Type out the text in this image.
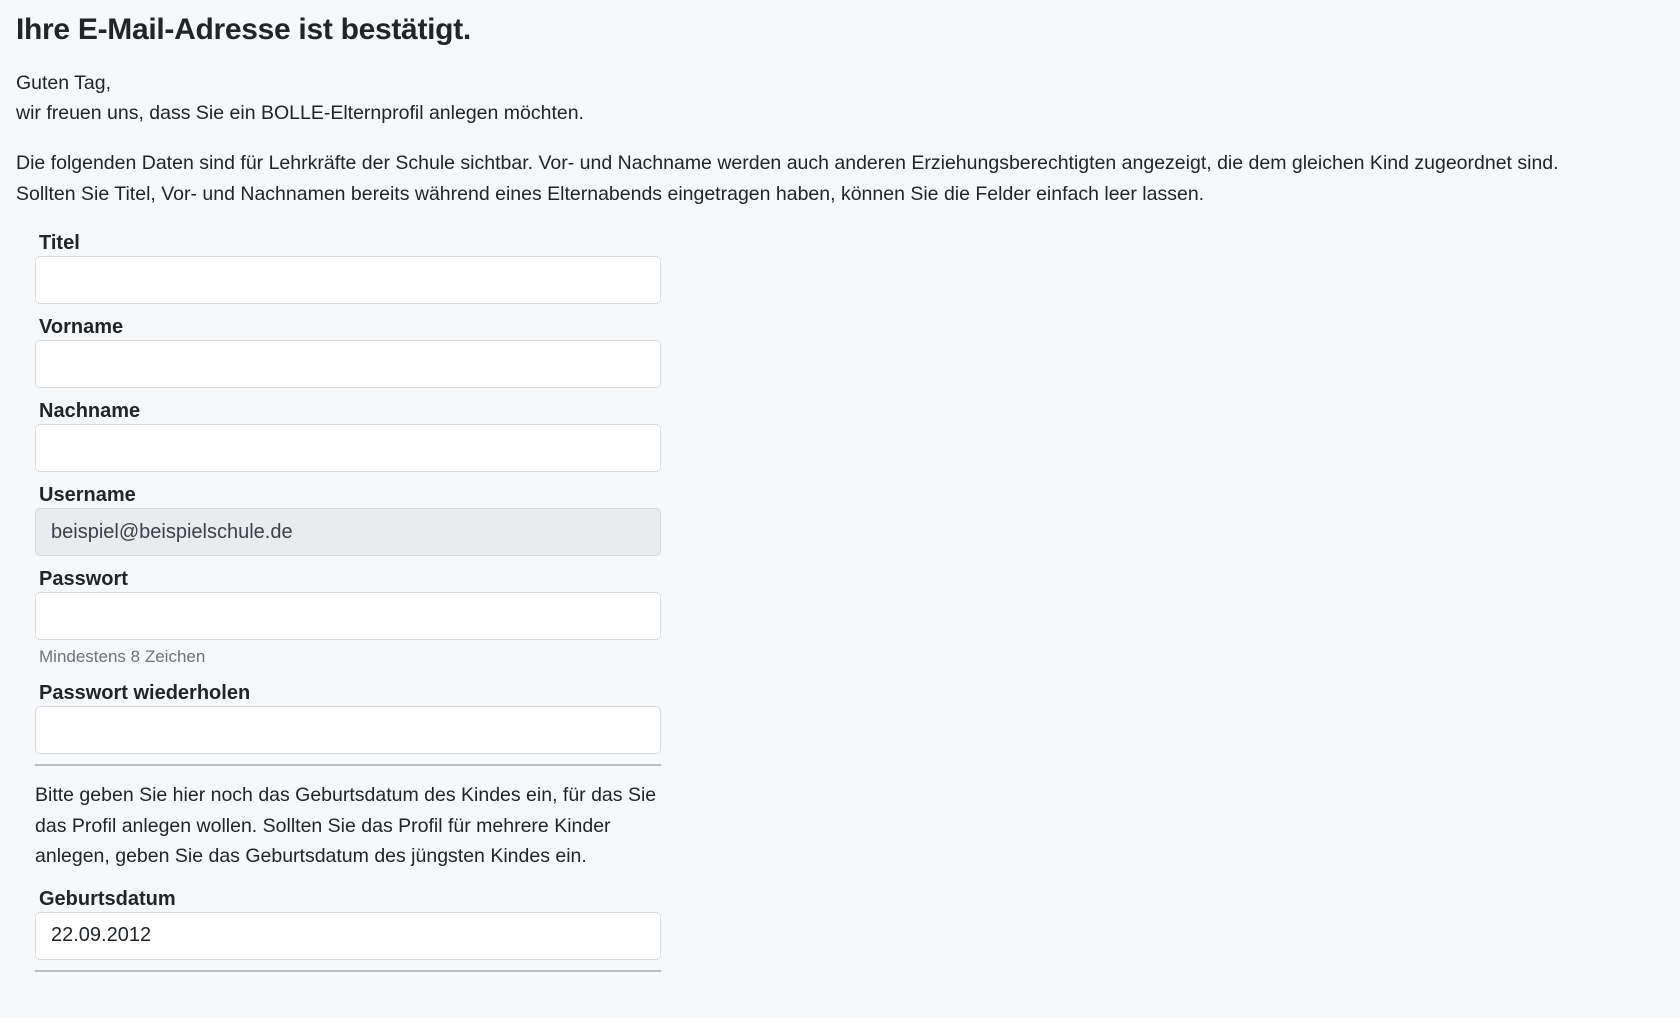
Ihre E-Mail-Adresse ist bestätigt.
Guten Tag,
wir freuen uns, dass Sie ein BOLLE-Elternprofil anlegen möchten.
Die folgenden Daten sind für Lehrkräfte der Schule sichtbar. Vor- und Nachname werden auch anderen Erziehungsberechtigten angezeigt, die dem gleichen Kind zugeordnet sind.
Sollten Sie Titel, Vor- und Nachnamen bereits während eines Elternabends eingetragen haben, können Sie die Felder einfach leer lassen.
Titel
Vorname
Nachname
Username
beispiel@beispielschule.de
Passwort
Mindestens 8 Zeichen
Passwort wiederholen
Bitte geben Sie hier noch das Geburtsdatum des Kindes ein, für das Sie das Profil anlegen wollen. Sollten Sie das Profil für mehrere Kinder anlegen, geben Sie das Geburtsdatum des jüngsten Kindes ein.
Geburtsdatum
22.09.2012
